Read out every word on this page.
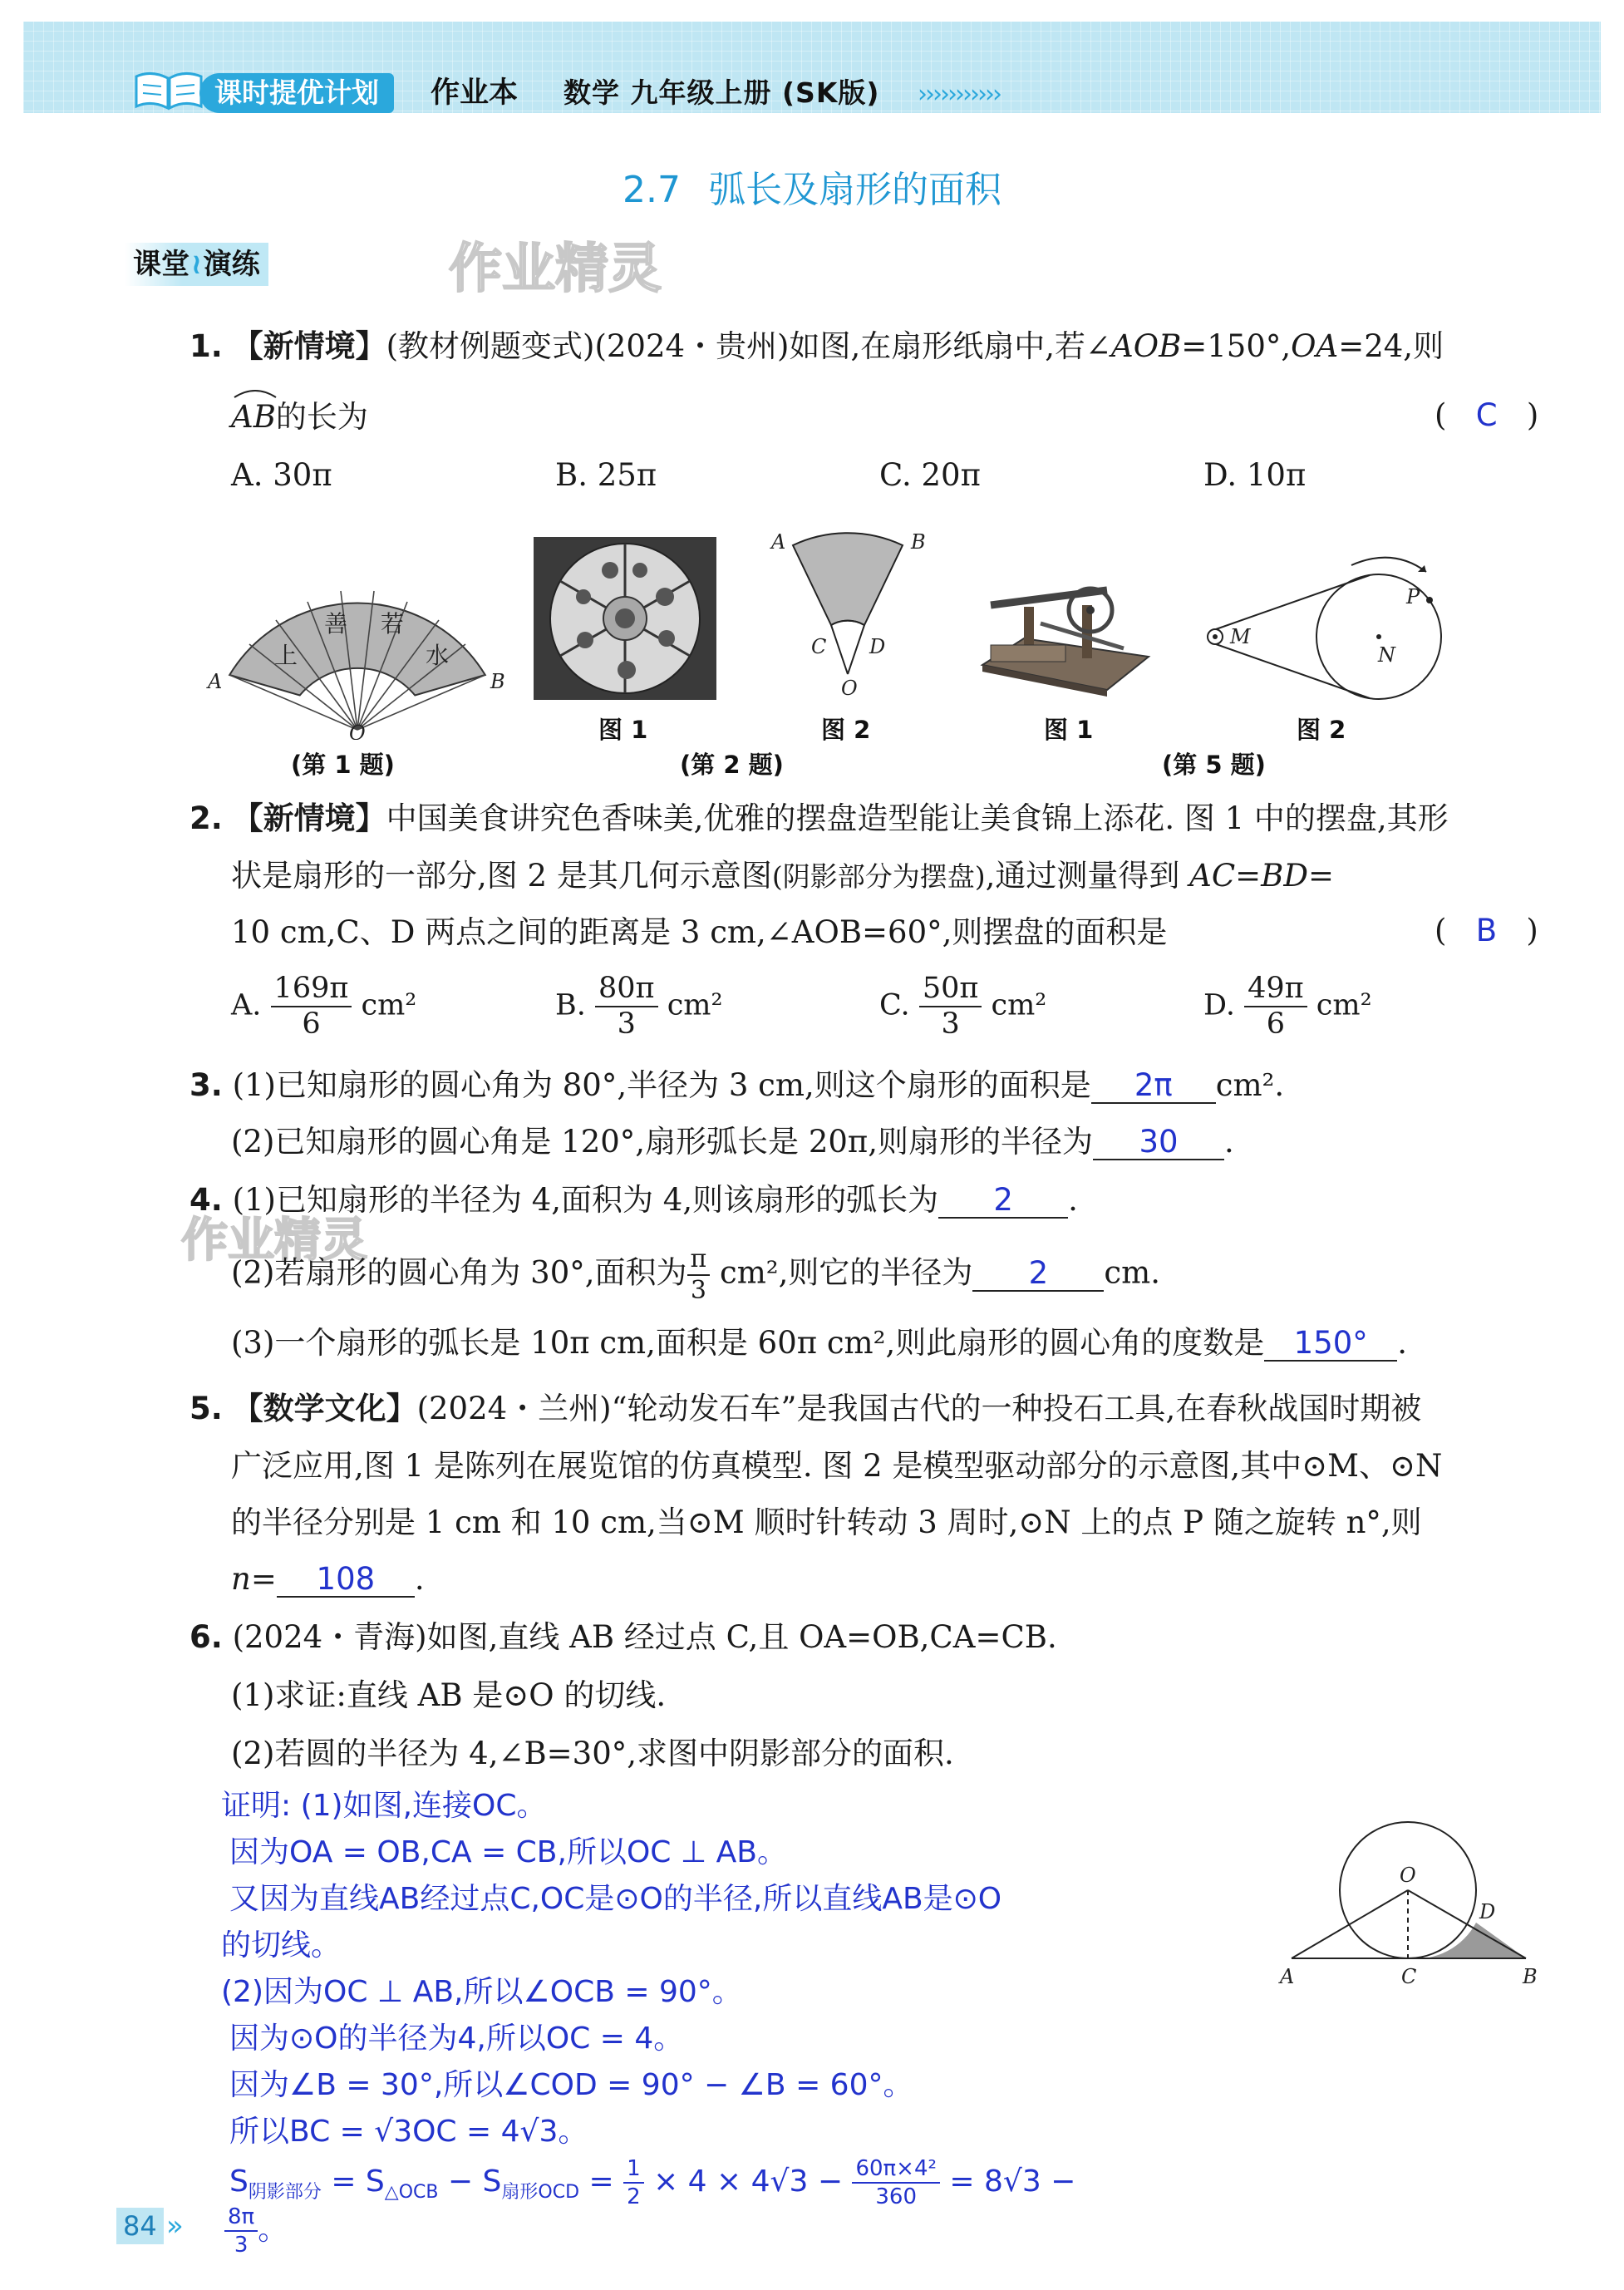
课时提优计划	作业本 数学 九年级上册 (SK版) ›››››››››››
2.7 弧长及扇形的面积
课堂≀演练	作业精灵
1. 【新情境】(教材例题变式)(2024・贵州)如图,在扇形纸扇中,若∠AOB=150°,OA=24,则
AB的长为	(   C   )
A. 30π	B. 25π	C. 20π	D. 10π
上
善 若
水
A	B
O
(第 1 题)
图 1
A	B
C D
O
图 2
(第 2 题)
图 1
M
N
P
图 2
(第 5 题)
2. 【新情境】中国美食讲究色香味美,优雅的摆盘造型能让美食锦上添花. 图 1 中的摆盘,其形
状是扇形的一部分,图 2 是其几何示意图(阴影部分为摆盘),通过测量得到 AC=BD=
10 cm,C、D 两点之间的距离是 3 cm,∠AOB=60°,则摆盘的面积是	(   B   )
A. $\frac{169\pi}{6} cm^2$	B. $\frac{80\pi}{3} cm^2$	C. $\frac{50\pi}{3} cm^2$	D. $\frac{49\pi}{6} cm^2$
3. (1)已知扇形的圆心角为 80°,半径为 3 cm,则这个扇形的面积是 2π cm².
(2)已知扇形的圆心角是 120°,扇形弧长是 20π,则扇形的半径为 30 .
作业精灵
4. (1)已知扇形的半径为 4,面积为 4,则该扇形的弧长为 2 .
(2)若扇形的圆心角为 30°,面积为 $\frac{\pi}{3} cm^2$,则它的半径为 2 cm.
(3)一个扇形的弧长是 10π cm,面积是 60π cm²,则此扇形的圆心角的度数是 150° .
5. 【数学文化】(2024・兰州)“轮动发石车”是我国古代的一种投石工具,在春秋战国时期被
广泛应用,图 1 是陈列在展览馆的仿真模型. 图 2 是模型驱动部分的示意图,其中⊙M、⊙N
的半径分别是 1 cm 和 10 cm,当⊙M 顺时针转动 3 周时,⊙N 上的点 P 随之旋转 n°,则
n= 108 .
6. (2024・青海)如图,直线 AB 经过点 C,且 OA=OB,CA=CB.
(1)求证:直线 AB 是⊙O 的切线.
(2)若圆的半径为 4,∠B=30°,求图中阴影部分的面积.
O
A	C	B
D
证明: (1)如图,连接OC。
因为OA = OB,CA = CB,所以OC ⊥ AB。
又因为直线AB经过点C,OC是⊙O的半径,所以直线AB是⊙O
的切线。
(2)因为OC ⊥ AB,所以∠OCB = 90°。
因为⊙O的半径为4,所以OC = 4。
因为∠B = 30°,所以∠COD = 90° − ∠B = 60°。
所以BC = √3OC = 4√3。
$S_{阴影部分} = S_{\triangle OCB} - S_{扇形OCD} = \frac{1}{2} \times 4 \times 4√3 - \frac{\text{60π×4²}}{360} = 8√3$ −
$\frac{8\pi}{3}$ 。
84 »
